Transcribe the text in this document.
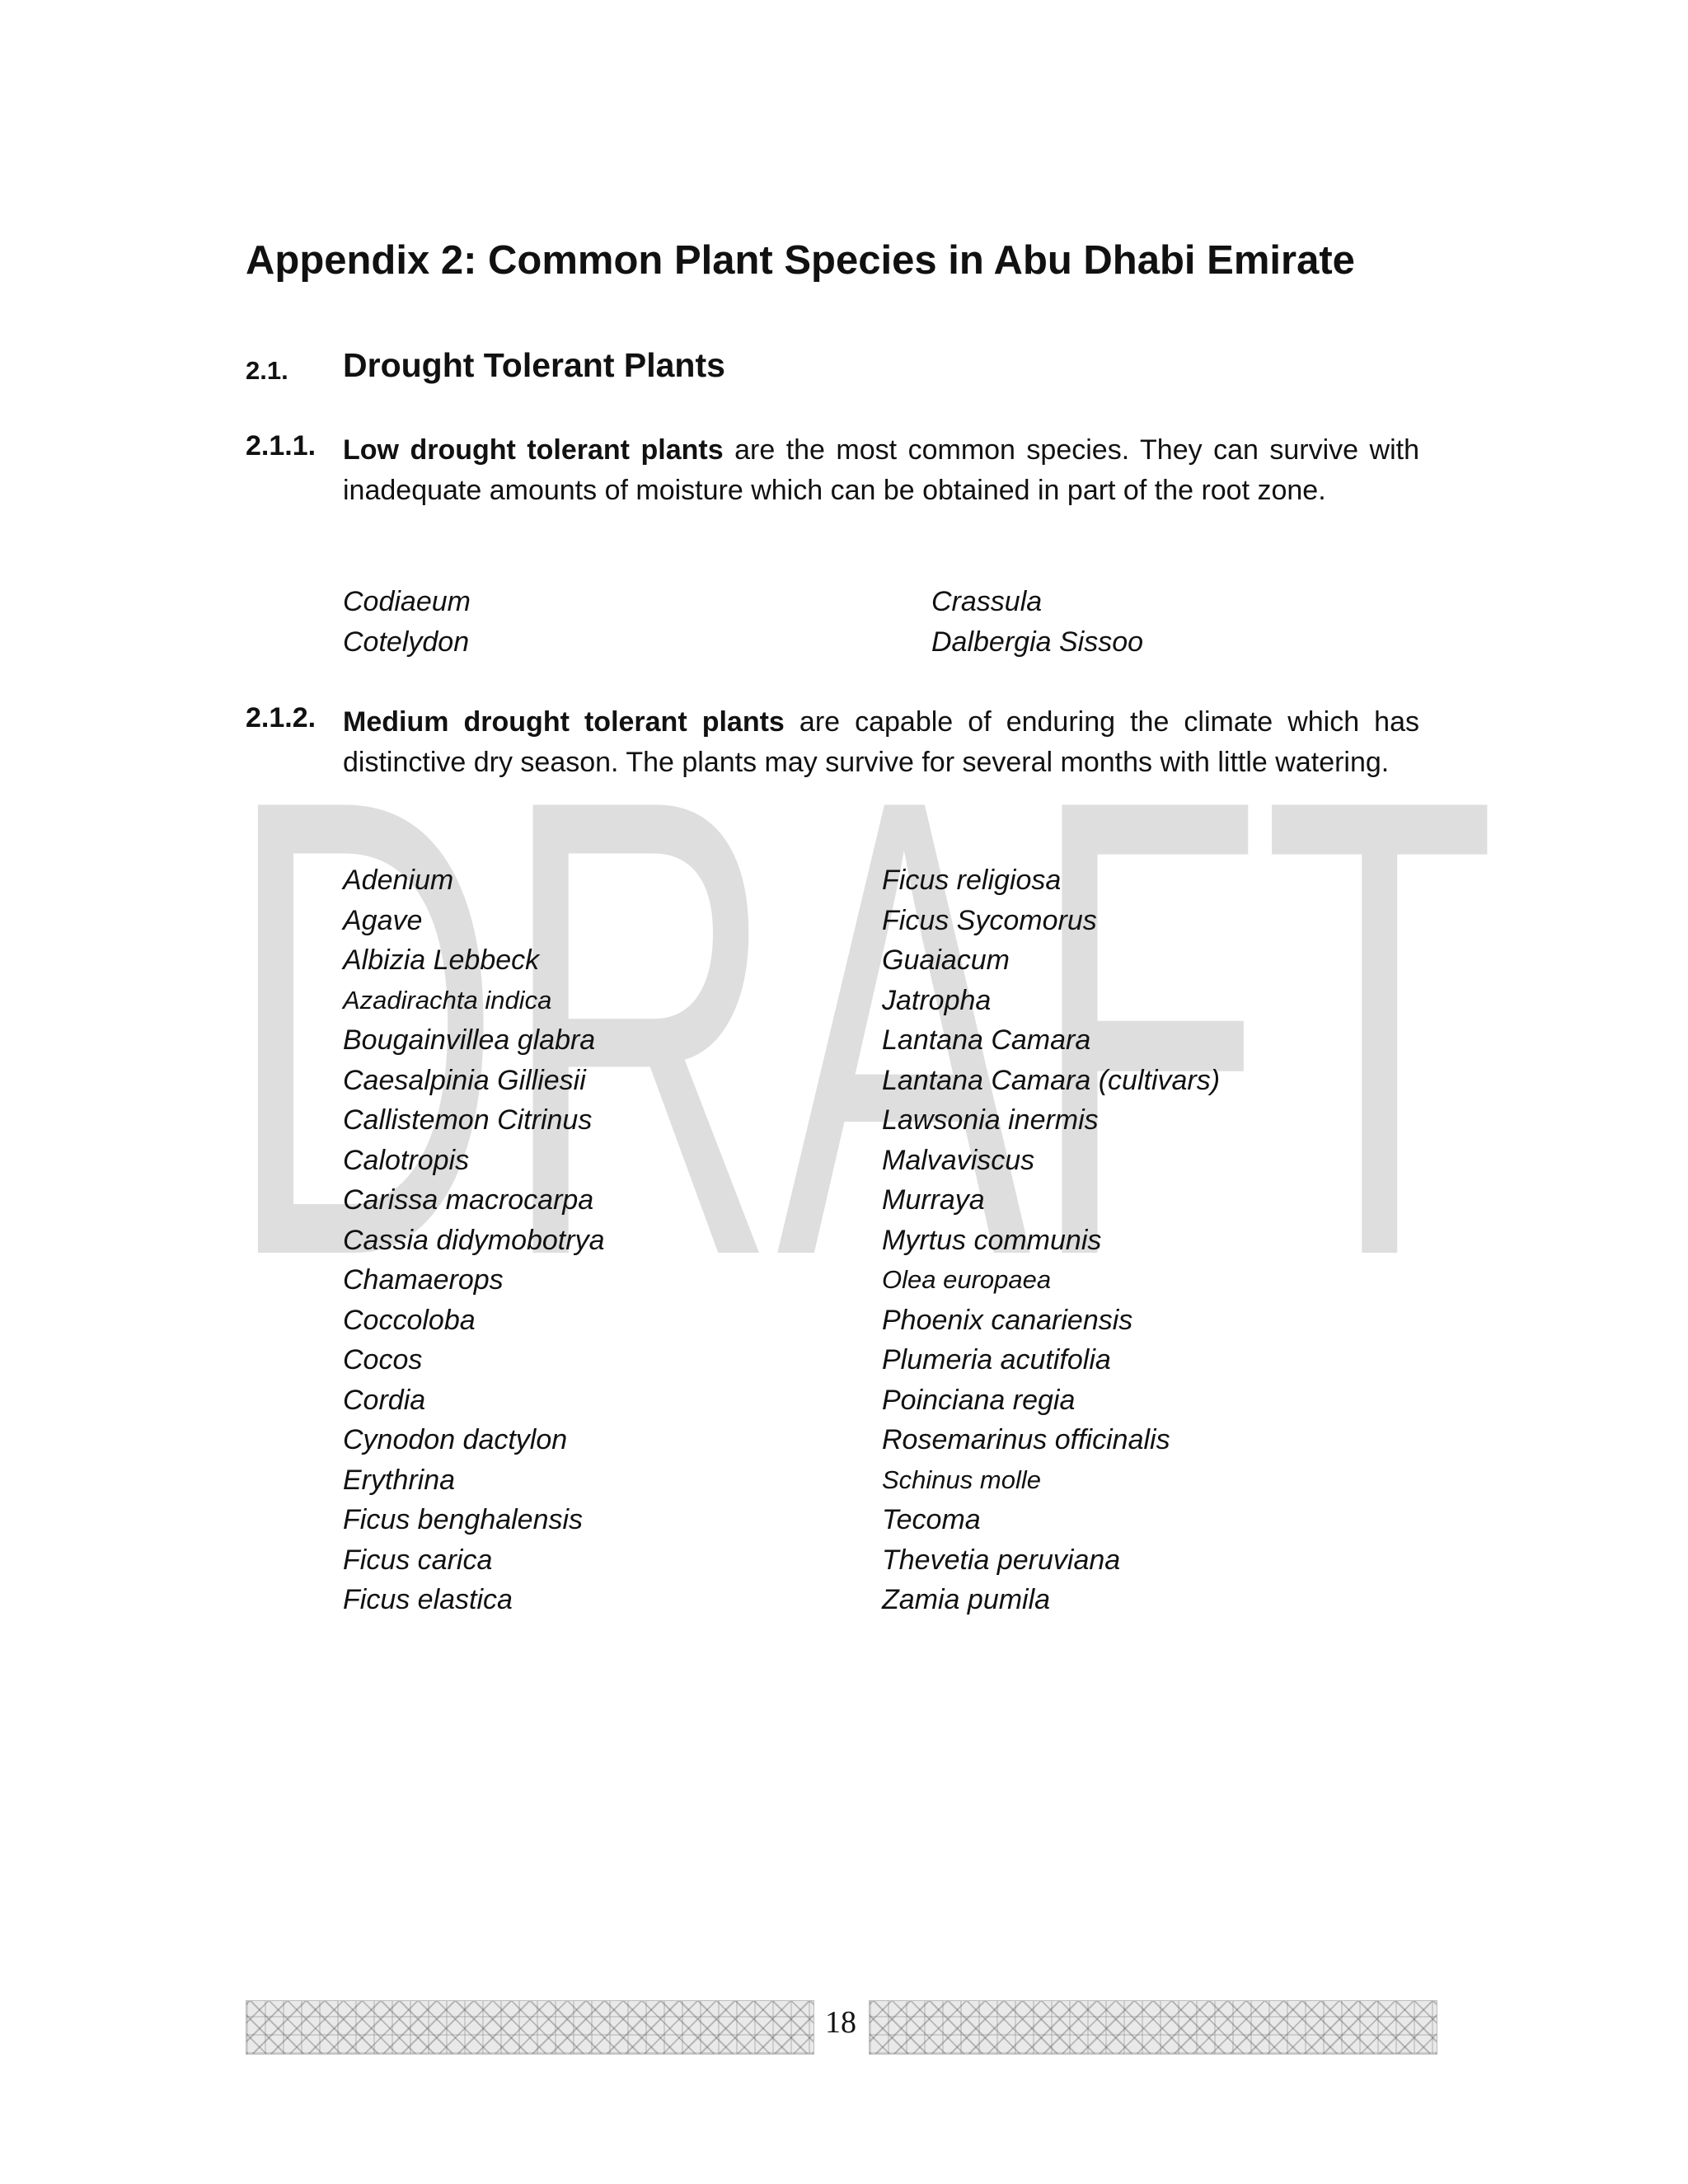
DRAFT
Appendix 2: Common Plant Species in Abu Dhabi Emirate
2.1. Drought Tolerant Plants
2.1.1. Low drought tolerant plants are the most common species. They can survive with inadequate amounts of moisture which can be obtained in part of the root zone.
Codiaeum
Cotelydon
Crassula
Dalbergia Sissoo
2.1.2. Medium drought tolerant plants are capable of enduring the climate which has distinctive dry season. The plants may survive for several months with little watering.
Adenium
Agave
Albizia Lebbeck
Azadirachta indica
Bougainvillea glabra
Caesalpinia Gilliesii
Callistemon Citrinus
Calotropis
Carissa macrocarpa
Cassia didymobotrya
Chamaerops
Coccoloba
Cocos
Cordia
Cynodon dactylon
Erythrina
Ficus benghalensis
Ficus carica
Ficus elastica
Ficus religiosa
Ficus Sycomorus
Guaiacum
Jatropha
Lantana Camara
Lantana Camara (cultivars)
Lawsonia inermis
Malvaviscus
Murraya
Myrtus communis
Olea europaea
Phoenix canariensis
Plumeria acutifolia
Poinciana regia
Rosemarinus officinalis
Schinus molle
Tecoma
Thevetia peruviana
Zamia pumila
18
